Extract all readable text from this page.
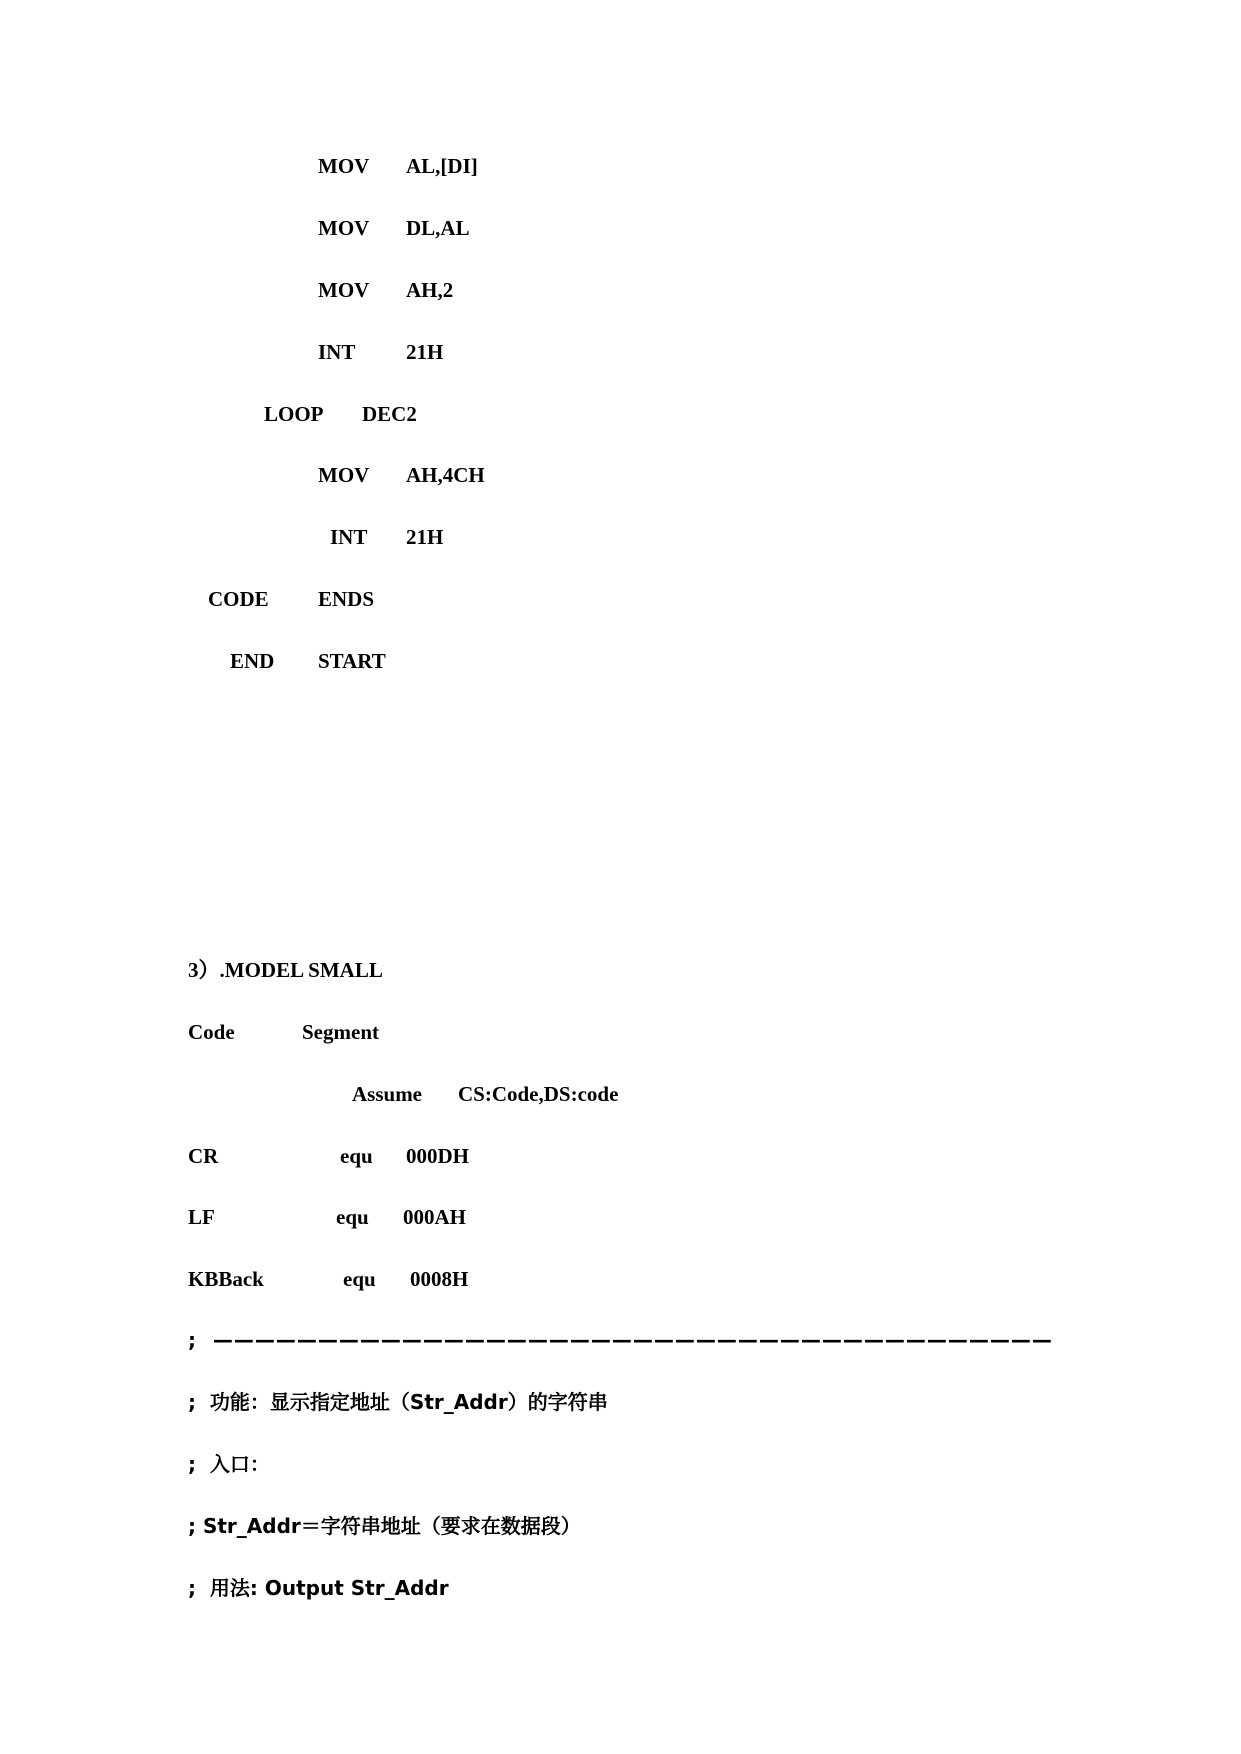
MOV AL,[DI]
MOV DL,AL
MOV AH,2
INT 21H
LOOP DEC2
MOV AH,4CH
INT 21H
CODE ENDS
END START
3）.MODEL SMALL
Code	Segment
Assume CS:Code,DS:code
CR	equ 000DH
LF	equ 000AH
KBBack	equ 0008H
;  ————————————————————————————————————————
;  功能：显示指定地址（Str_Addr）的字符串
;  入口：
; Str_Addr＝字符串地址（要求在数据段）
;  用法: Output Str_Addr
